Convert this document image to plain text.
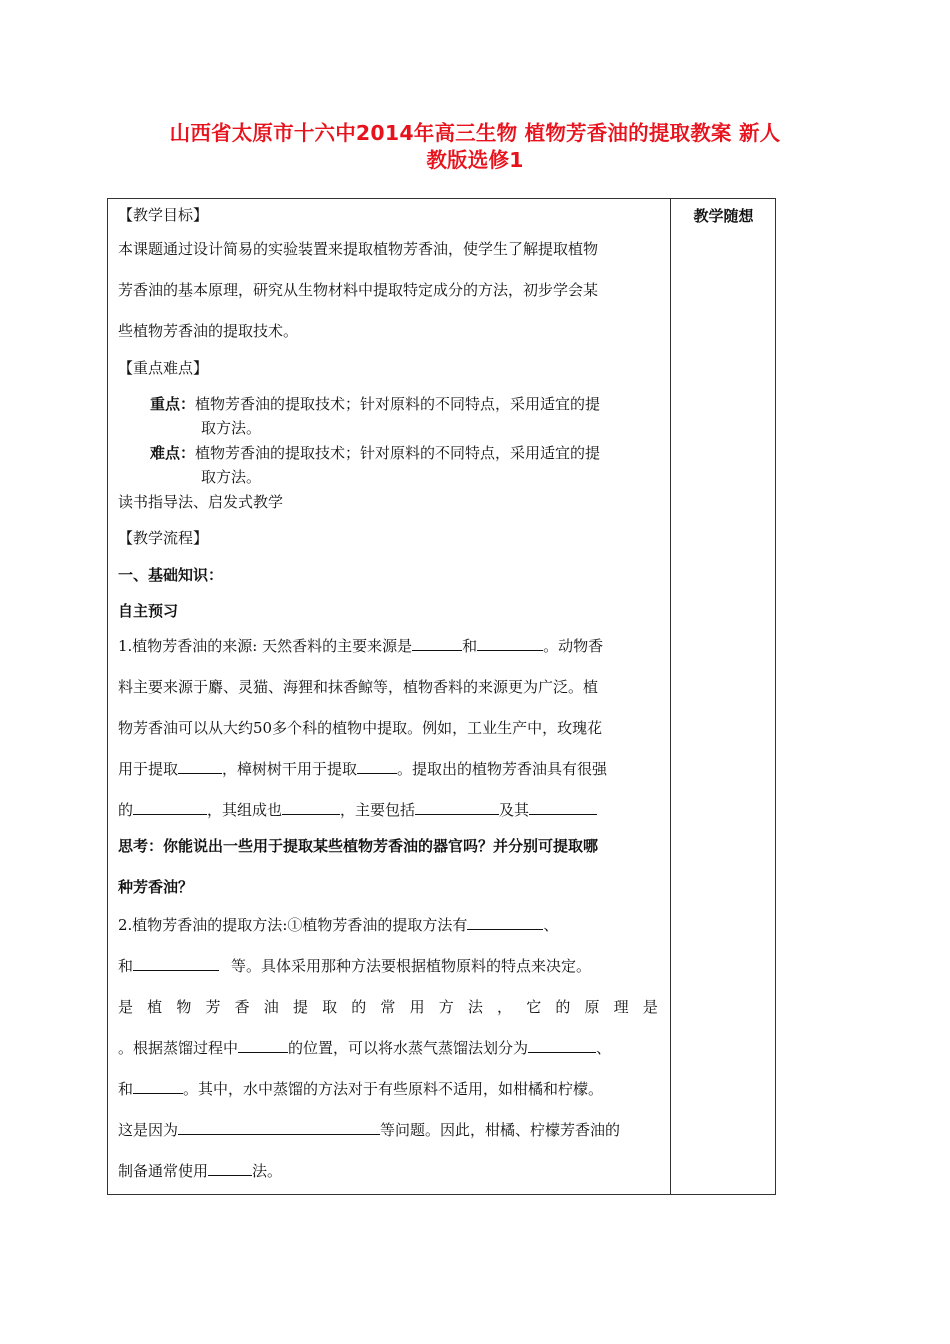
山西省太原市十六中2014年高三生物 植物芳香油的提取教案 新人
教版选修1
教学随想
【教学目标】
本课题通过设计简易的实验装置来提取植物芳香油，使学生了解提取植物
芳香油的基本原理，研究从生物材料中提取特定成分的方法，初步学会某
些植物芳香油的提取技术。
【重点难点】
重点：植物芳香油的提取技术；针对原料的不同特点，采用适宜的提
取方法。
难点：植物芳香油的提取技术；针对原料的不同特点，采用适宜的提
取方法。
读书指导法、启发式教学
【教学流程】
一、基础知识：
自主预习
1.植物芳香油的来源: 天然香料的主要来源是	和	。动物香
料主要来源于麝、灵猫、海狸和抹香鲸等，植物香料的来源更为广泛。植
物芳香油可以从大约50多个科的植物中提取。例如，工业生产中，玫瑰花
用于提取	，樟树树干用于提取	。提取出的植物芳香油具有很强
的	，其组成也	，主要包括	及其
思考：你能说出一些用于提取某些植物芳香油的器官吗？并分别可提取哪
种芳香油？
2.植物芳香油的提取方法:①植物芳香油的提取方法有	、
和	等。具体采用那种方法要根据植物原料的特点来决定。
是 植 物 芳 香 油 提 取 的 常 用 方 法 ， 它 的 原 理 是
。根据蒸馏过程中	的位置，可以将水蒸气蒸馏法划分为	、
和	。其中，水中蒸馏的方法对于有些原料不适用，如柑橘和柠檬。
这是因为	等问题。因此，柑橘、柠檬芳香油的
制备通常使用	法。
